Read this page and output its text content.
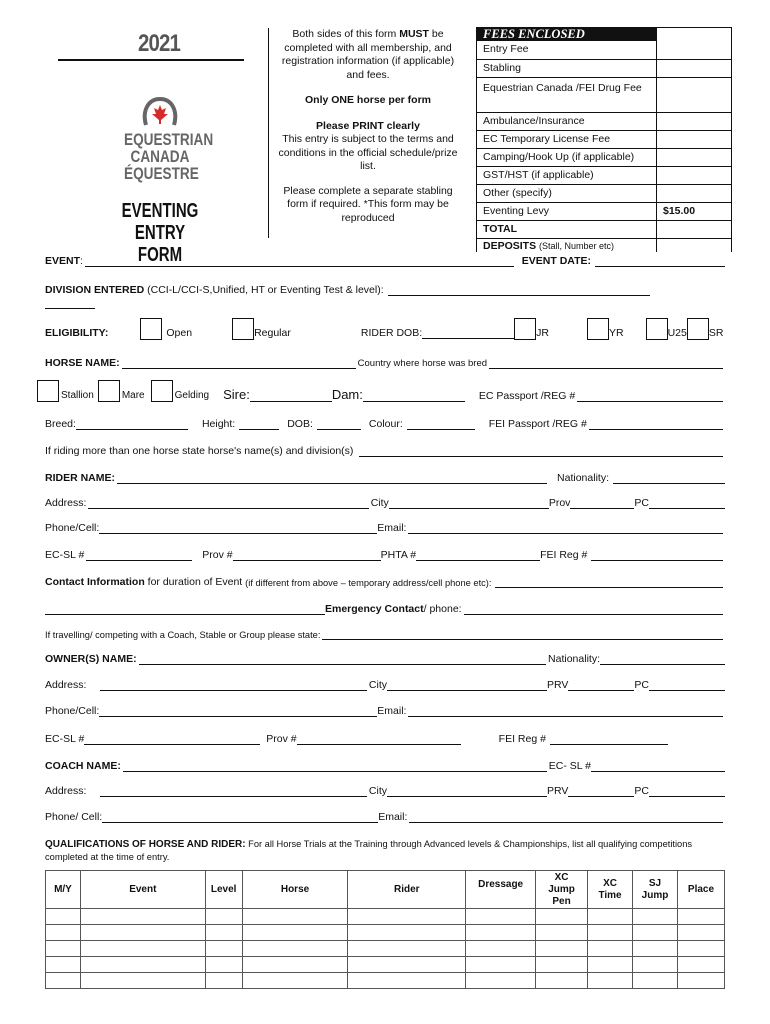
2021
EQUESTRIAN
CANADA
ÉQUESTRE
EVENTING
ENTRY FORM
Both sides of this form MUST be completed with all membership, and registration information (if applicable) and fees.
Only ONE horse per form
Please PRINT clearly
This entry is subject to the terms and conditions in the official schedule/prize list.
Please complete a separate stabling form if required. *This form may be reproduced
FEES ENCLOSED
Entry Fee
Stabling
Equestrian Canada /FEI Drug Fee
Ambulance/Insurance
EC Temporary License Fee
Camping/Hook Up (if applicable)
GST/HST (if applicable)
Other (specify)
Eventing Levy	$15.00
TOTAL
DEPOSITS (Stall, Number etc)
EVENT :	EVENT DATE:
DIVISION ENTERED
(CCI-L/CCI-S,Unified, HT or Eventing Test & level):
ELIGIBILITY:	Open	Regular	RIDER DOB:	JR	YR	U25 SR
HORSE NAME:	Country where horse was bred
Stallion	Mare	Gelding Sire:	Dam:	EC Passport /REG #
Breed:	Height:	DOB:	Colour:	FEI Passport /REG #
If riding more than one horse state horse's name(s) and division(s)
RIDER NAME:	Nationality:
Address:	City	Prov	PC
Phone/Cell:	Email:
EC-SL #	Prov #	PHTA #	FEI Reg #
Contact Information for duration of Event (if different from above – temporary address/cell phone etc):
Emergency Contact / phone:
If travelling/ competing with a Coach, Stable or Group please state:
OWNER(S) NAME:	Nationality:
Address:	City	PRV	PC
Phone/Cell:	Email:
EC-SL #	Prov #	FEI Reg #
COACH NAME:	EC- SL #
Address:	City	PRV	PC
Phone/ Cell:	Email:
QUALIFICATIONS OF HORSE AND RIDER: For all Horse Trials at the Training through Advanced levels & Championships, list all qualifying competitions completed at the time of entry.
M/Y	Event	Level	Horse	Rider	Dressage	XC Jump Pen	XC Time	SJ Jump	Place
